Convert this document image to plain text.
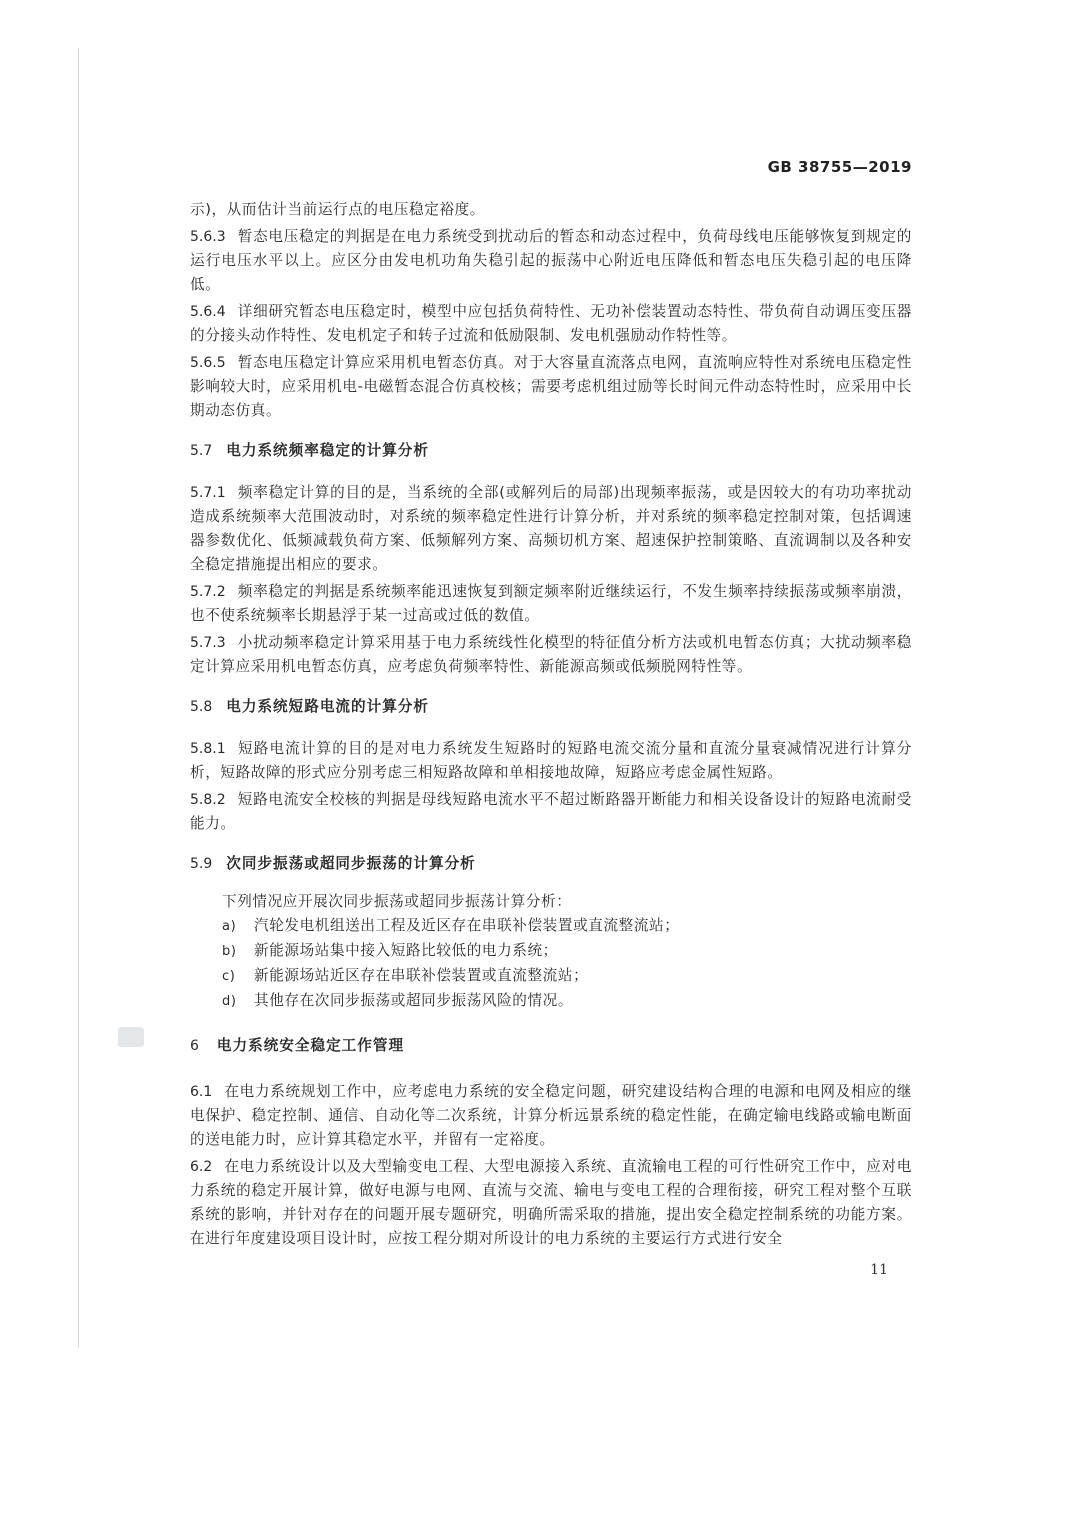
GB 38755—2019

示)，从而估计当前运行点的电压稳定裕度。

5.6.3 暂态电压稳定的判据是在电力系统受到扰动后的暂态和动态过程中，负荷母线电压能够恢复到规定的运行电压水平以上。应区分由发电机功角失稳引起的振荡中心附近电压降低和暂态电压失稳引起的电压降低。

5.6.4 详细研究暂态电压稳定时，模型中应包括负荷特性、无功补偿装置动态特性、带负荷自动调压变压器的分接头动作特性、发电机定子和转子过流和低励限制、发电机强励动作特性等。

5.6.5 暂态电压稳定计算应采用机电暂态仿真。对于大容量直流落点电网，直流响应特性对系统电压稳定性影响较大时，应采用机电-电磁暂态混合仿真校核；需要考虑机组过励等长时间元件动态特性时，应采用中长期动态仿真。

5.7 电力系统频率稳定的计算分析

5.7.1 频率稳定计算的目的是，当系统的全部(或解列后的局部)出现频率振荡，或是因较大的有功功率扰动造成系统频率大范围波动时，对系统的频率稳定性进行计算分析，并对系统的频率稳定控制对策，包括调速器参数优化、低频减载负荷方案、低频解列方案、高频切机方案、超速保护控制策略、直流调制以及各种安全稳定措施提出相应的要求。

5.7.2 频率稳定的判据是系统频率能迅速恢复到额定频率附近继续运行，不发生频率持续振荡或频率崩溃，也不使系统频率长期悬浮于某一过高或过低的数值。

5.7.3 小扰动频率稳定计算采用基于电力系统线性化模型的特征值分析方法或机电暂态仿真；大扰动频率稳定计算应采用机电暂态仿真，应考虑负荷频率特性、新能源高频或低频脱网特性等。

5.8 电力系统短路电流的计算分析

5.8.1 短路电流计算的目的是对电力系统发生短路时的短路电流交流分量和直流分量衰减情况进行计算分析，短路故障的形式应分别考虑三相短路故障和单相接地故障，短路应考虑金属性短路。

5.8.2 短路电流安全校核的判据是母线短路电流水平不超过断路器开断能力和相关设备设计的短路电流耐受能力。

5.9 次同步振荡或超同步振荡的计算分析

下列情况应开展次同步振荡或超同步振荡计算分析：

a) 汽轮发电机组送出工程及近区存在串联补偿装置或直流整流站；
b) 新能源场站集中接入短路比较低的电力系统；
c) 新能源场站近区存在串联补偿装置或直流整流站；
d) 其他存在次同步振荡或超同步振荡风险的情况。

6 电力系统安全稳定工作管理

6.1 在电力系统规划工作中，应考虑电力系统的安全稳定问题，研究建设结构合理的电源和电网及相应的继电保护、稳定控制、通信、自动化等二次系统，计算分析远景系统的稳定性能，在确定输电线路或输电断面的送电能力时，应计算其稳定水平，并留有一定裕度。

6.2 在电力系统设计以及大型输变电工程、大型电源接入系统、直流输电工程的可行性研究工作中，应对电力系统的稳定开展计算，做好电源与电网、直流与交流、输电与变电工程的合理衔接，研究工程对整个互联系统的影响，并针对存在的问题开展专题研究，明确所需采取的措施，提出安全稳定控制系统的功能方案。在进行年度建设项目设计时，应按工程分期对所设计的电力系统的主要运行方式进行安全

11
